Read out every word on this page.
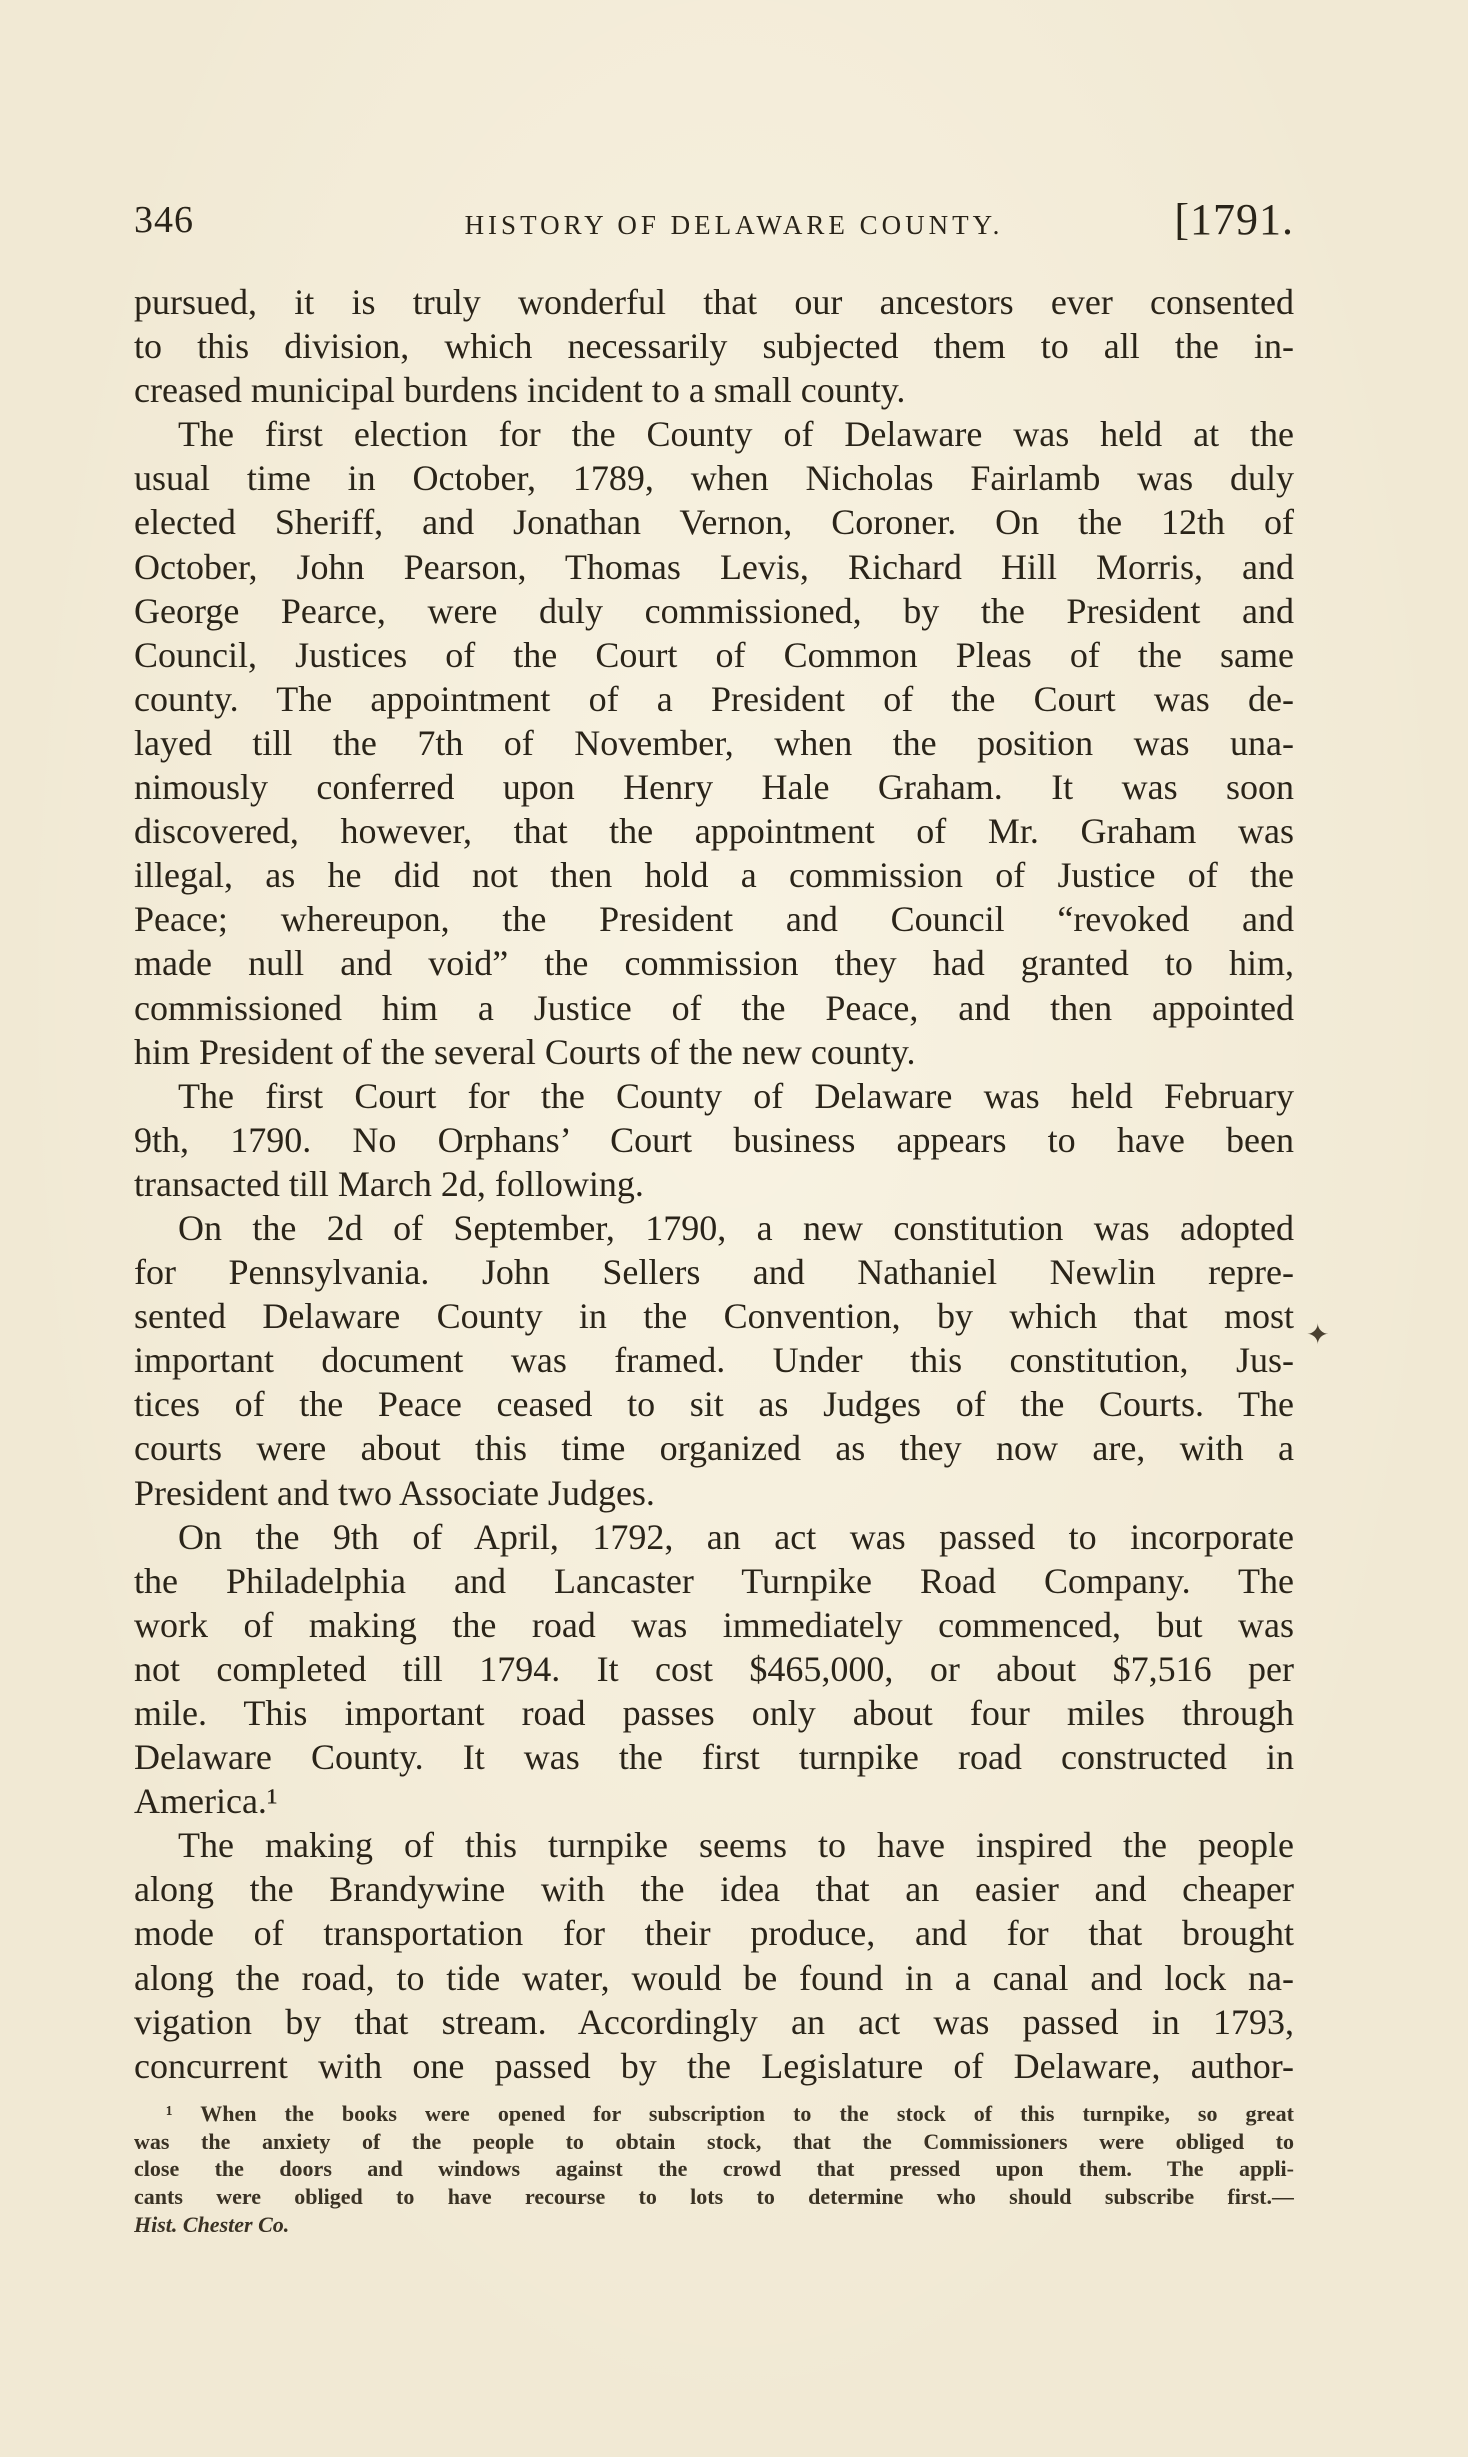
346	HISTORY OF DELAWARE COUNTY.	[1791.
pursued, it is truly wonderful that our ancestors ever consented
to this division, which necessarily subjected them to all the in-
creased municipal burdens incident to a small county.
The first election for the County of Delaware was held at the
usual time in October, 1789, when Nicholas Fairlamb was duly
elected Sheriff, and Jonathan Vernon, Coroner. On the 12th of
October, John Pearson, Thomas Levis, Richard Hill Morris, and
George Pearce, were duly commissioned, by the President and
Council, Justices of the Court of Common Pleas of the same
county. The appointment of a President of the Court was de-
layed till the 7th of November, when the position was una-
nimously conferred upon Henry Hale Graham. It was soon
discovered, however, that the appointment of Mr. Graham was
illegal, as he did not then hold a commission of Justice of the
Peace; whereupon, the President and Council “revoked and
made null and void” the commission they had granted to him,
commissioned him a Justice of the Peace, and then appointed
him President of the several Courts of the new county.
The first Court for the County of Delaware was held February
9th, 1790. No Orphans’ Court business appears to have been
transacted till March 2d, following.
On the 2d of September, 1790, a new constitution was adopted
for Pennsylvania. John Sellers and Nathaniel Newlin repre-
sented Delaware County in the Convention, by which that most
important document was framed. Under this constitution, Jus-
tices of the Peace ceased to sit as Judges of the Courts. The
courts were about this time organized as they now are, with a
President and two Associate Judges.
On the 9th of April, 1792, an act was passed to incorporate
the Philadelphia and Lancaster Turnpike Road Company. The
work of making the road was immediately commenced, but was
not completed till 1794. It cost $465,000, or about $7,516 per
mile. This important road passes only about four miles through
Delaware County. It was the first turnpike road constructed in
America.¹
The making of this turnpike seems to have inspired the people
along the Brandywine with the idea that an easier and cheaper
mode of transportation for their produce, and for that brought
along the road, to tide water, would be found in a canal and lock na-
vigation by that stream. Accordingly an act was passed in 1793,
concurrent with one passed by the Legislature of Delaware, author-
✦
¹ When the books were opened for subscription to the stock of this turnpike, so great
was the anxiety of the people to obtain stock, that the Commissioners were obliged to
close the doors and windows against the crowd that pressed upon them. The appli-
cants were obliged to have recourse to lots to determine who should subscribe first.—
Hist. Chester Co.
